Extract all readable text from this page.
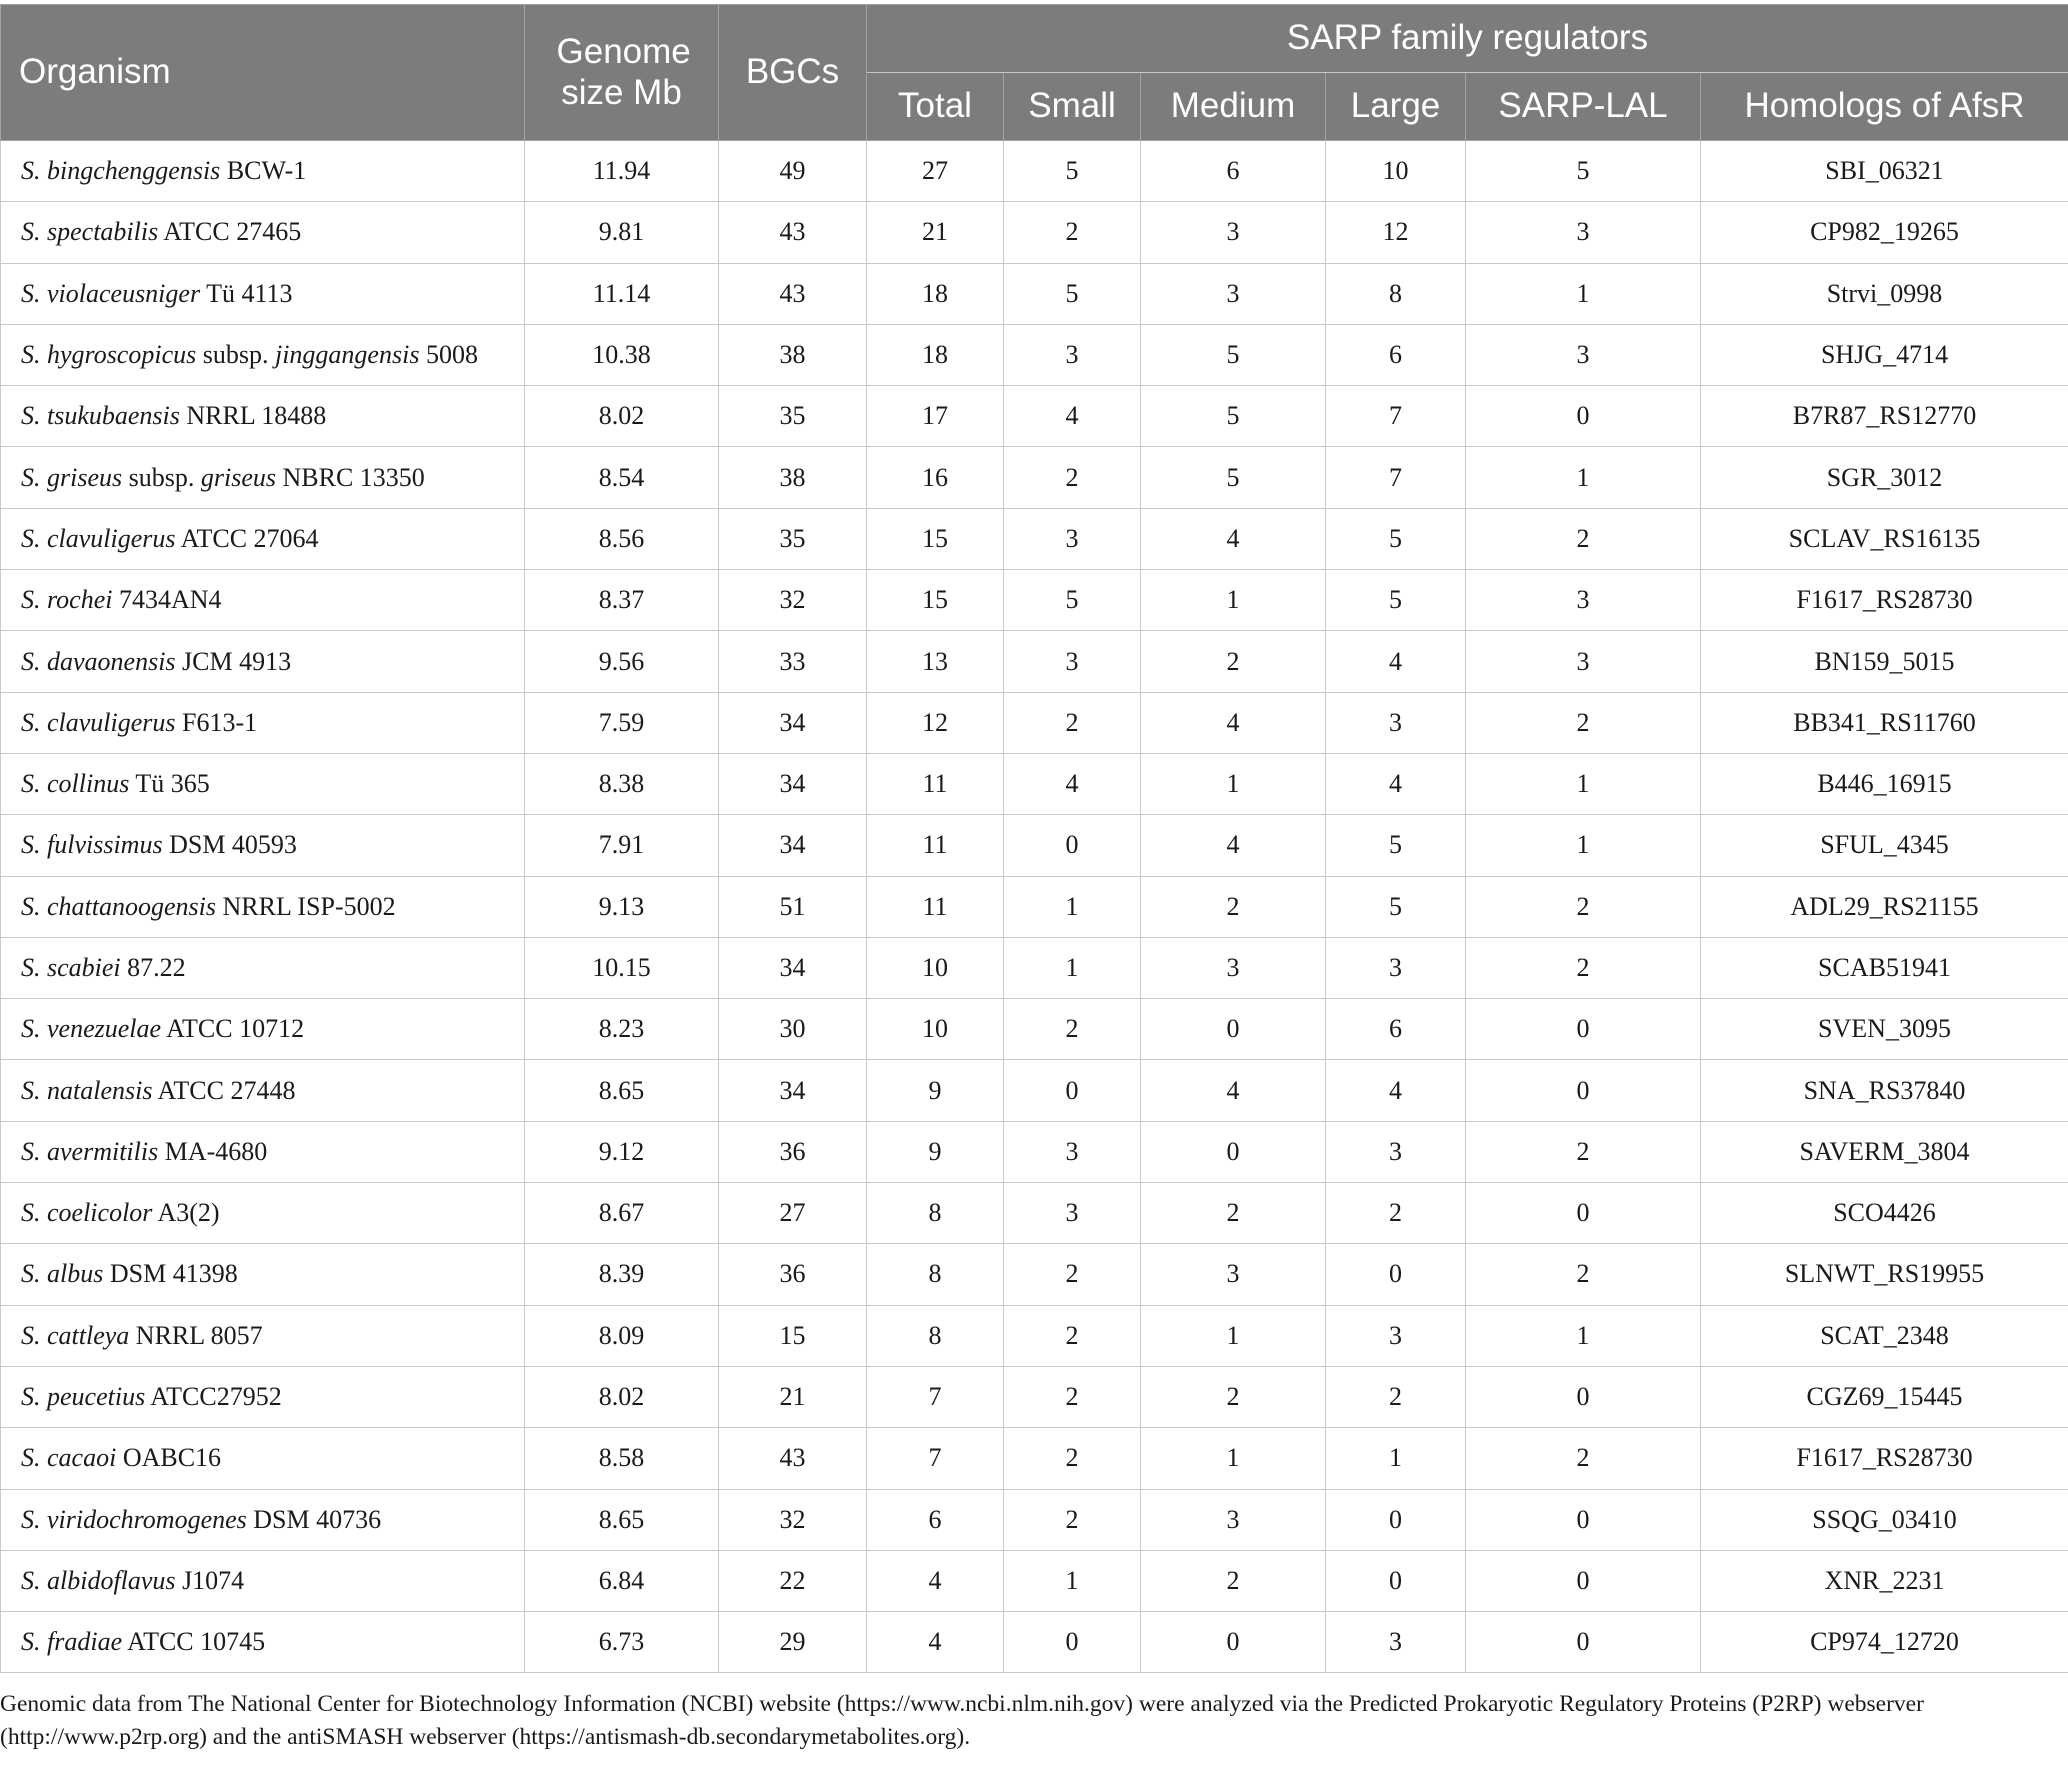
Organism	Genome size Mb	BGCs	SARP family regulators					
			Total	Small	Medium	Large	SARP-LAL	Homologs of AfsR
S. bingchenggensis BCW-1	11.94	49	27	5	6	10	5	SBI_06321
S. spectabilis ATCC 27465	9.81	43	21	2	3	12	3	CP982_19265
S. violaceusniger Tü 4113	11.14	43	18	5	3	8	1	Strvi_0998
S. hygroscopicus subsp. jinggangensis 5008	10.38	38	18	3	5	6	3	SHJG_4714
S. tsukubaensis NRRL 18488	8.02	35	17	4	5	7	0	B7R87_RS12770
S. griseus subsp. griseus NBRC 13350	8.54	38	16	2	5	7	1	SGR_3012
S. clavuligerus ATCC 27064	8.56	35	15	3	4	5	2	SCLAV_RS16135
S. rochei 7434AN4	8.37	32	15	5	1	5	3	F1617_RS28730
S. davaonensis JCM 4913	9.56	33	13	3	2	4	3	BN159_5015
S. clavuligerus F613-1	7.59	34	12	2	4	3	2	BB341_RS11760
S. collinus Tü 365	8.38	34	11	4	1	4	1	B446_16915
S. fulvissimus DSM 40593	7.91	34	11	0	4	5	1	SFUL_4345
S. chattanoogensis NRRL ISP-5002	9.13	51	11	1	2	5	2	ADL29_RS21155
S. scabiei 87.22	10.15	34	10	1	3	3	2	SCAB51941
S. venezuelae ATCC 10712	8.23	30	10	2	0	6	0	SVEN_3095
S. natalensis ATCC 27448	8.65	34	9	0	4	4	0	SNA_RS37840
S. avermitilis MA-4680	9.12	36	9	3	0	3	2	SAVERM_3804
S. coelicolor A3(2)	8.67	27	8	3	2	2	0	SCO4426
S. albus DSM 41398	8.39	36	8	2	3	0	2	SLNWT_RS19955
S. cattleya NRRL 8057	8.09	15	8	2	1	3	1	SCAT_2348
S. peucetius ATCC27952	8.02	21	7	2	2	2	0	CGZ69_15445
S. cacaoi OABC16	8.58	43	7	2	1	1	2	F1617_RS28730
S. viridochromogenes DSM 40736	8.65	32	6	2	3	0	0	SSQG_03410
S. albidoflavus J1074	6.84	22	4	1	2	0	0	XNR_2231
S. fradiae ATCC 10745	6.73	29	4	0	0	3	0	CP974_12720
Genomic data from The National Center for Biotechnology Information (NCBI) website (https://www.ncbi.nlm.nih.gov) were analyzed via the Predicted Prokaryotic Regulatory Proteins (P2RP) webserver (http://www.p2rp.org) and the antiSMASH webserver (https://antismash-db.secondarymetabolites.org).
